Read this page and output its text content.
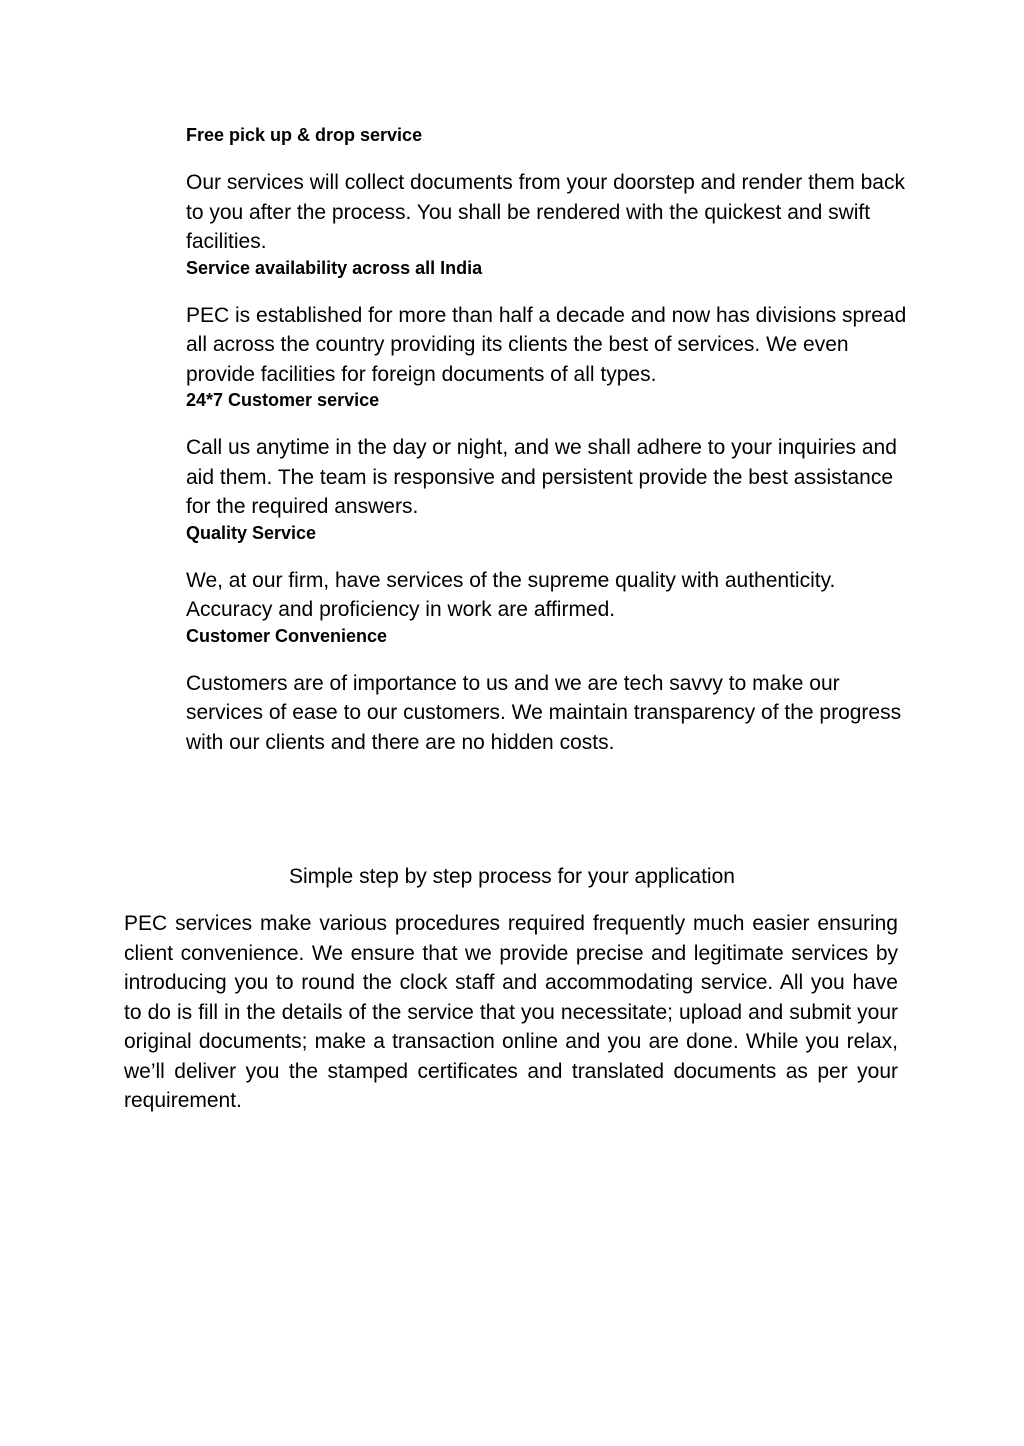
Free pick up & drop service

Our services will collect documents from your doorstep and render them back to you after the process. You shall be rendered with the quickest and swift facilities.

Service availability across all India

PEC is established for more than half a decade and now has divisions spread all across the country providing its clients the best of services. We even provide facilities for foreign documents of all types.

24*7 Customer service

Call us anytime in the day or night, and we shall adhere to your inquiries and aid them. The team is responsive and persistent provide the best assistance for the required answers.

Quality Service

We, at our firm, have services of the supreme quality with authenticity. Accuracy and proficiency in work are affirmed.

Customer Convenience

Customers are of importance to us and we are tech savvy to make our services of ease to our customers. We maintain transparency of the progress with our clients and there are no hidden costs.

Simple step by step process for your application

PEC services make various procedures required frequently much easier ensuring client convenience. We ensure that we provide precise and legitimate services by introducing you to round the clock staff and accommodating service. All you have to do is fill in the details of the service that you necessitate; upload and submit your original documents; make a transaction online and you are done. While you relax, we’ll deliver you the stamped certificates and translated documents as per your requirement.
